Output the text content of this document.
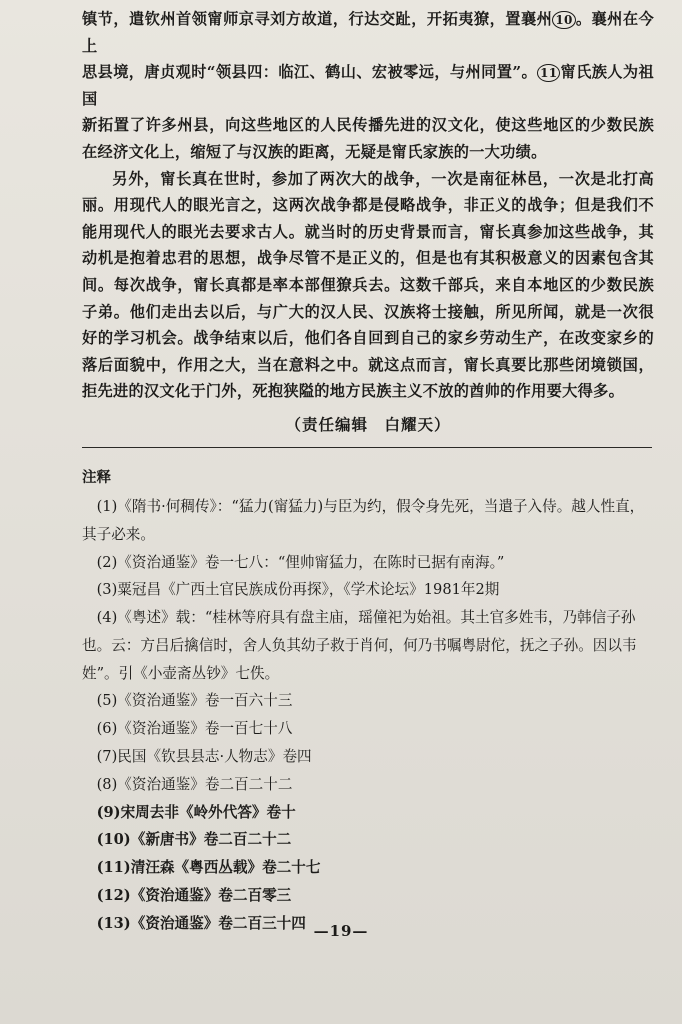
镇节，遣钦州首领甯师京寻刘方故道，行达交趾，开拓夷獠，置襄州 10 。襄州在今上

思县境，唐贞观时“领县四：临江、鹤山、宏被零远，与州同置”。 11 甯氏族人为祖国

新拓置了许多州县，向这些地区的人民传播先进的汉文化，使这些地区的少数民族在经济文化上，缩短了与汉族的距离，无疑是甯氏家族的一大功绩。

另外，甯长真在世时，参加了两次大的战争，一次是南征林邑，一次是北打高丽。用现代人的眼光言之，这两次战争都是侵略战争，非正义的战争；但是我们不能用现代人的眼光去要求古人。就当时的历史背景而言，甯长真参加这些战争，其动机是抱着忠君的思想，战争尽管不是正义的，但是也有其积极意义的因素包含其间。每次战争，甯长真都是率本部俚獠兵去。这数千部兵，来自本地区的少数民族子弟。他们走出去以后，与广大的汉人民、汉族将士接触，所见所闻，就是一次很好的学习机会。战争结束以后，他们各自回到自己的家乡劳动生产，在改变家乡的落后面貌中，作用之大，当在意料之中。就这点而言，甯长真要比那些闭境锁国，拒先进的汉文化于门外，死抱狭隘的地方民族主义不放的酋帅的作用要大得多。

（责任编辑　白耀天）
注释
(1)《隋书·何稠传》：“猛力(甯猛力)与臣为约，假令身先死，当遣子入侍。越人性直，其子必来。
(2)《资治通鉴》卷一七八：“俚帅甯猛力，在陈时已据有南海。”
(3)粟冠昌《广西土官民族成份再探》，《学术论坛》1981年2期
(4)《粤述》载：“桂林等府具有盘主庙，瑶僮祀为始祖。其土官多姓韦，乃韩信子孙也。云：方吕后擒信时，舍人负其幼子救于肖何，何乃书嘱粤尉佗，抚之子孙。因以韦姓”。引《小壶斋丛钞》七佚。
(5)《资治通鉴》卷一百六十三
(6)《资治通鉴》卷一百七十八
(7)民国《钦县县志·人物志》卷四
(8)《资治通鉴》卷二百二十二
(9)宋周去非《岭外代答》卷十
(10)《新唐书》卷二百二十二
(11)清汪森《粤西丛载》卷二十七
(12)《资治通鉴》卷二百零三
(13)《资治通鉴》卷二百三十四 —19—
